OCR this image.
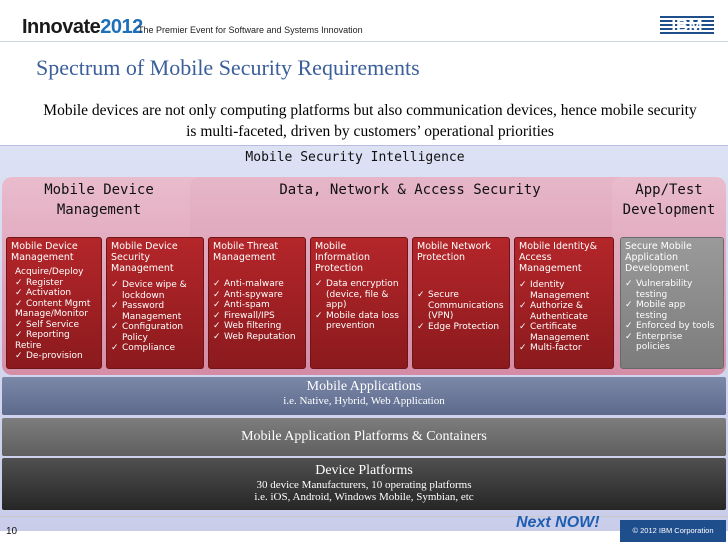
Innovate2012
The Premier Event for Software and Systems Innovation	IBM
Spectrum of Mobile Security Requirements
Mobile devices are not only computing platforms but also communication devices, hence mobile security is multi-faceted, driven by customers’ operational priorities
Mobile Security Intelligence
Mobile Device Management
Data, Network & Access Security	App/Test Development
Mobile Device Management
Acquire/Deploy
✓ Register
✓ Activation
✓ Content Mgmt
Manage/Monitor
✓ Self Service
✓ Reporting
Retire
✓ De-provision
Mobile Device Security Management
✓ Device wipe & lockdown
✓ Password Management
✓ Configuration Policy
✓ Compliance
Mobile Threat Management
✓ Anti-malware
✓ Anti-spyware
✓ Anti-spam
✓ Firewall/IPS
✓ Web filtering
✓ Web Reputation
Mobile Information Protection
✓ Data encryption (device, file & app)
✓ Mobile data loss prevention
Mobile Network Protection
✓ Secure Communications (VPN)
✓ Edge Protection
Mobile Identity& Access Management
✓ Identity Management
✓ Authorize & Authenticate
✓ Certificate Management
✓ Multi-factor
Secure Mobile Application Development
✓ Vulnerability testing
✓ Mobile app testing
✓ Enforced by tools
✓ Enterprise policies
Mobile Applications
i.e. Native, Hybrid, Web Application
Mobile Application Platforms & Containers
Device Platforms
30 device Manufacturers, 10 operating platforms
i.e. iOS, Android, Windows Mobile, Symbian, etc
10
Next NOW!	© 2012 IBM Corporation
